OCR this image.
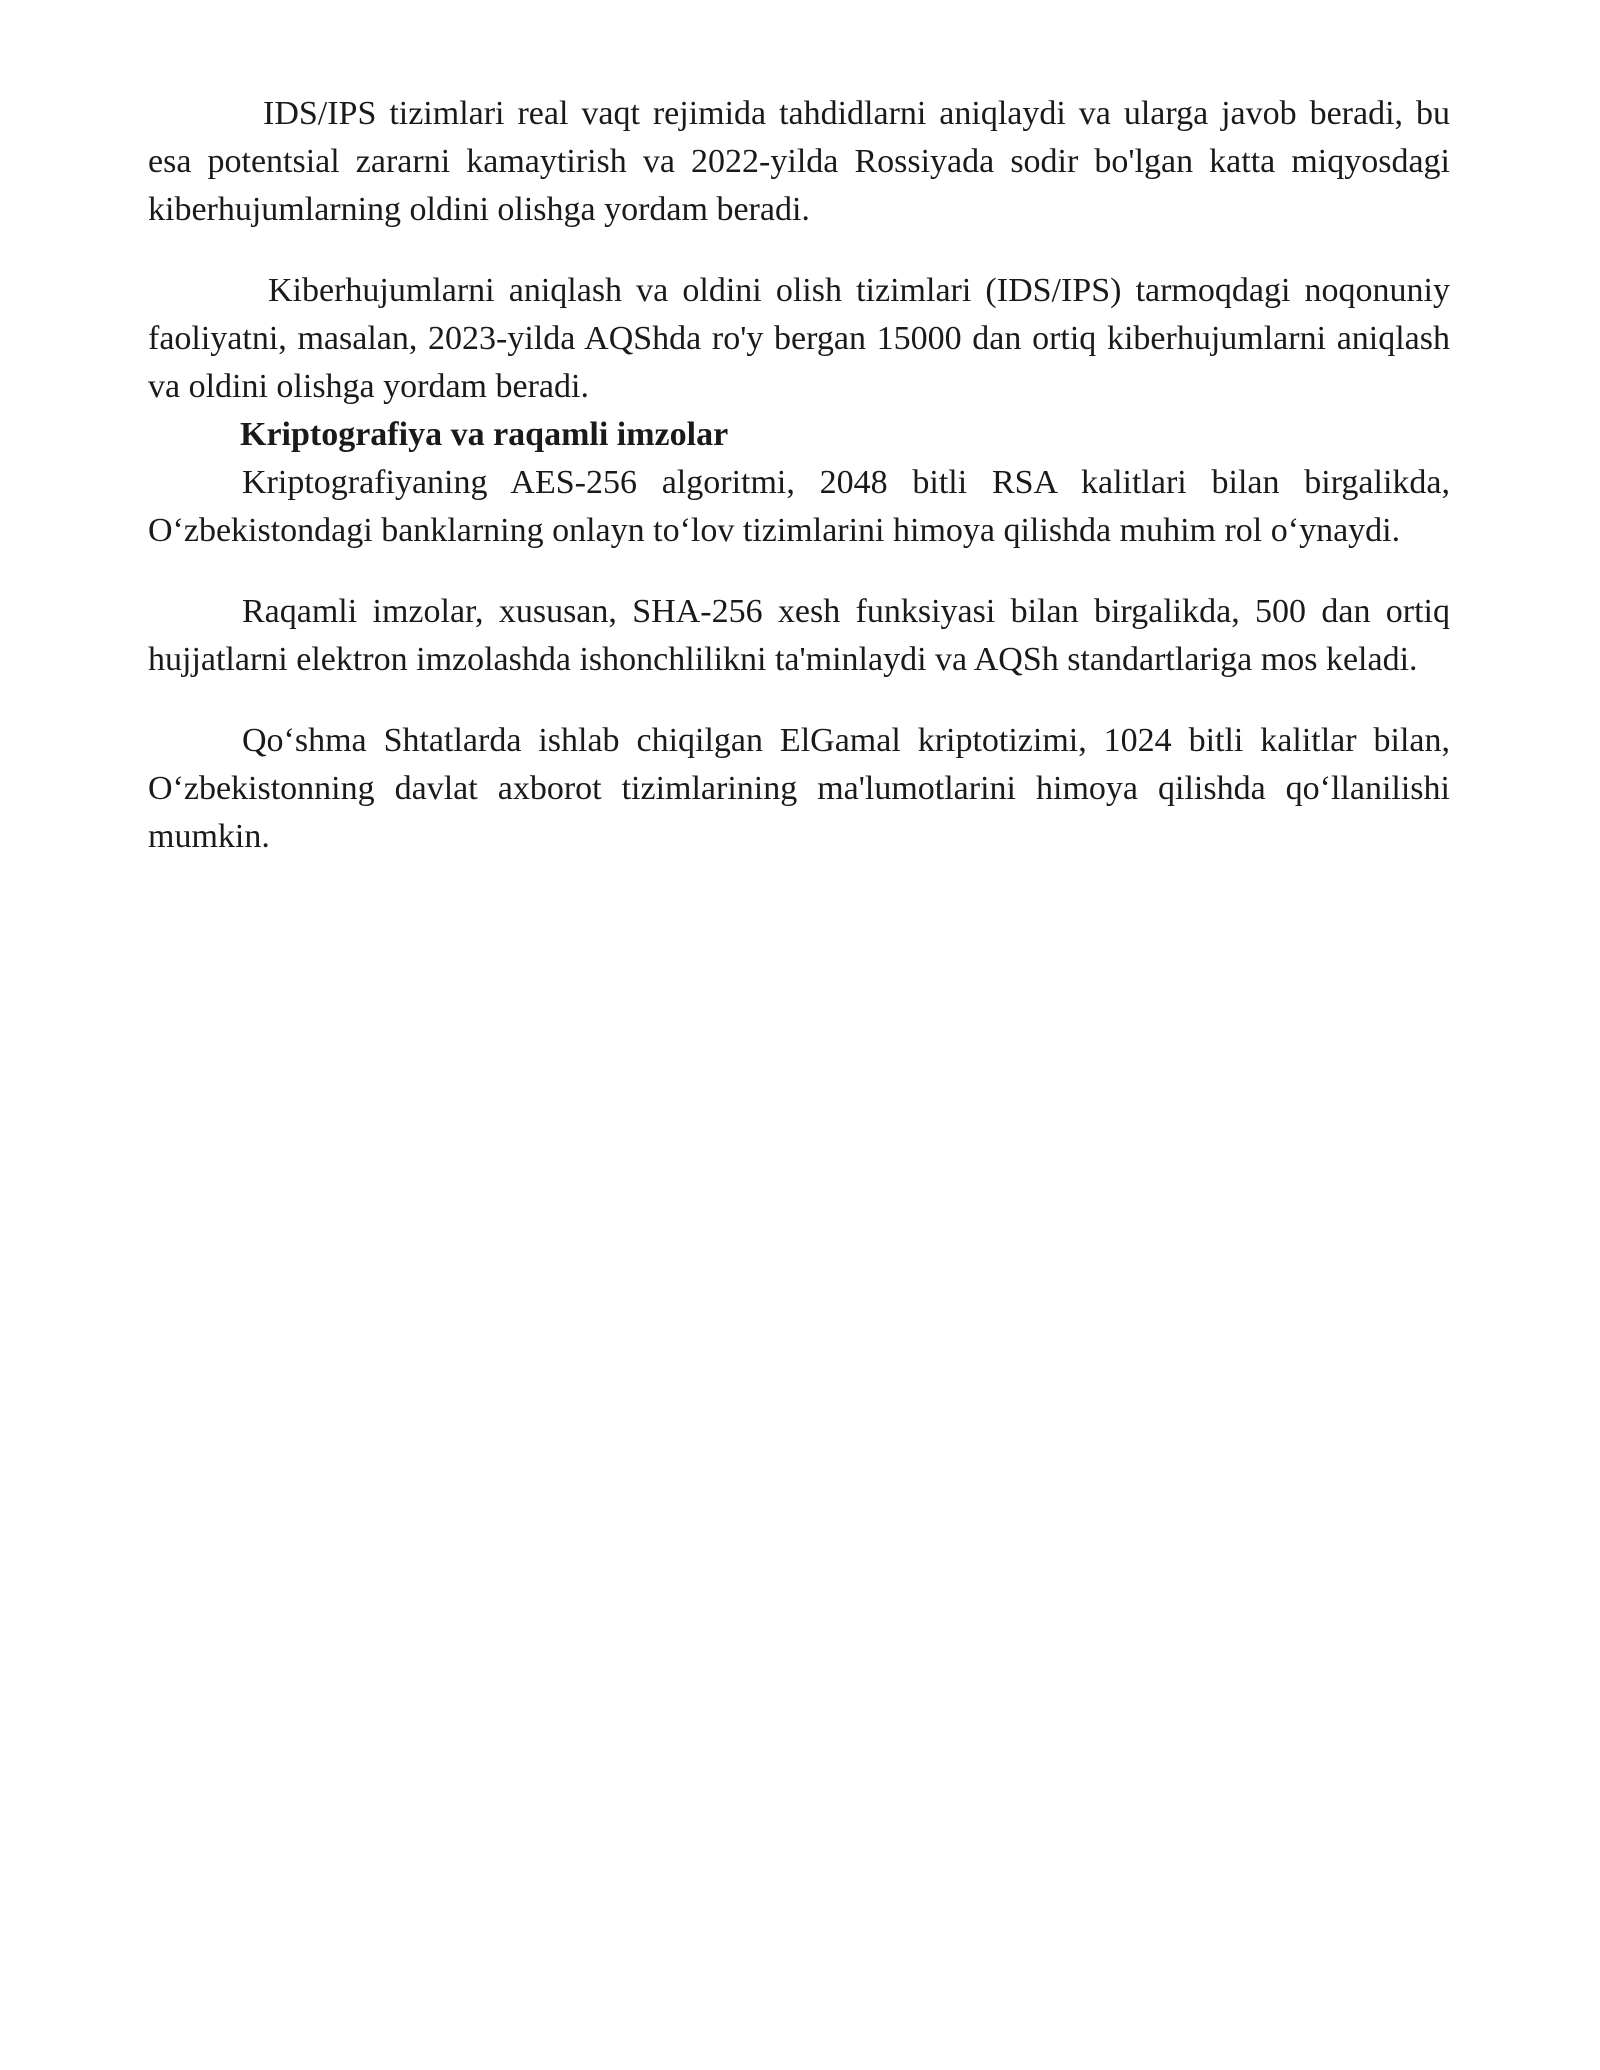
IDS/IPS tizimlari real vaqt rejimida tahdidlarni aniqlaydi va ularga javob beradi, bu esa potentsial zararni kamaytirish va 2022-yilda Rossiyada sodir bo'lgan katta miqyosdagi kiberhujumlarning oldini olishga yordam beradi.

Kiberhujumlarni aniqlash va oldini olish tizimlari (IDS/IPS) tarmoqdagi noqonuniy faoliyatni, masalan, 2023-yilda AQShda ro'y bergan 15000 dan ortiq kiberhujumlarni aniqlash va oldini olishga yordam beradi.

Kriptografiya va raqamli imzolar

Kriptografiyaning AES-256 algoritmi, 2048 bitli RSA kalitlari bilan birgalikda, O‘zbekistondagi banklarning onlayn to‘lov tizimlarini himoya qilishda muhim rol o‘ynaydi.

Raqamli imzolar, xususan, SHA-256 xesh funksiyasi bilan birgalikda, 500 dan ortiq hujjatlarni elektron imzolashda ishonchlilikni ta'minlaydi va AQSh standartlariga mos keladi.

Qo‘shma Shtatlarda ishlab chiqilgan ElGamal kriptotizimi, 1024 bitli kalitlar bilan, O‘zbekistonning davlat axborot tizimlarining ma'lumotlarini himoya qilishda qo‘llanilishi mumkin.
